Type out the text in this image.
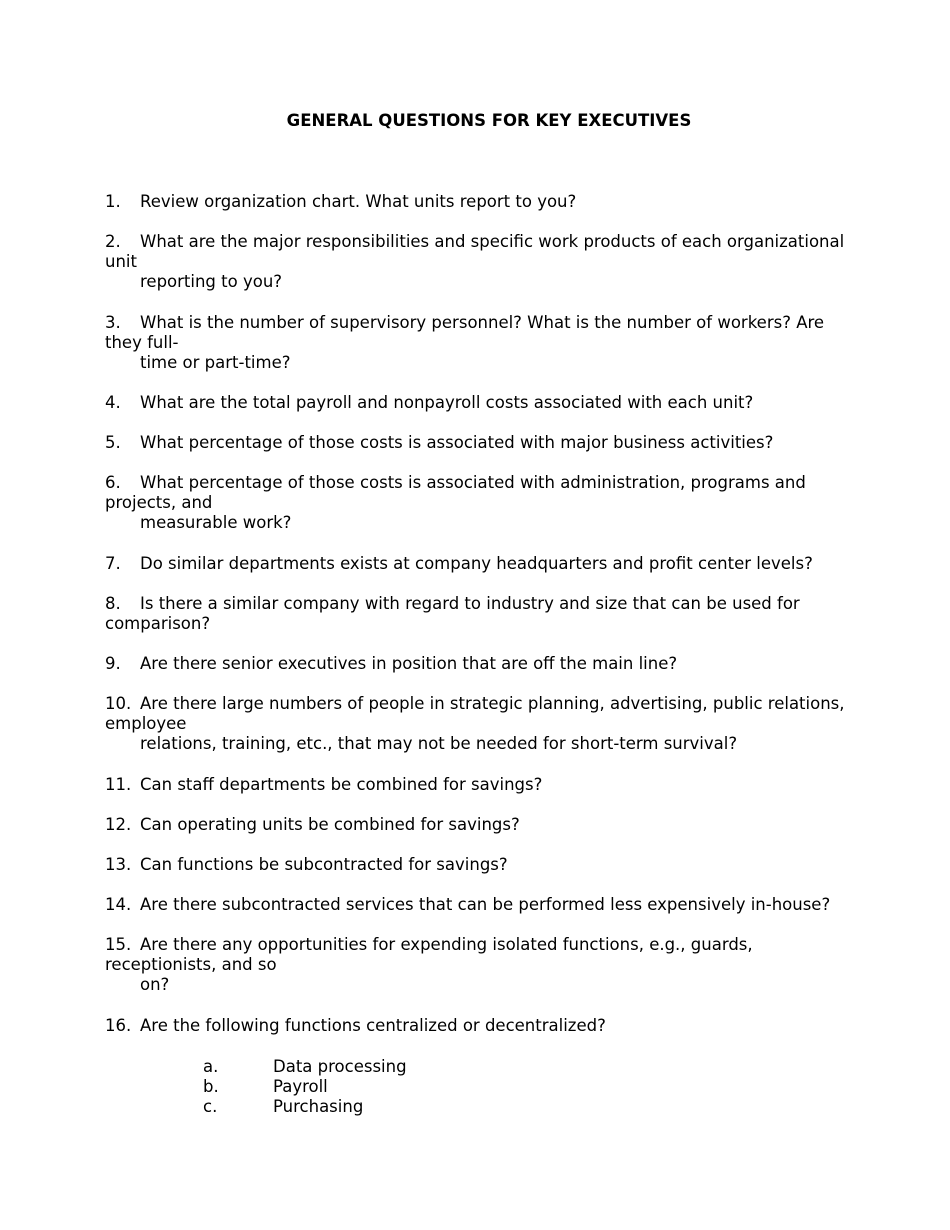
GENERAL QUESTIONS FOR KEY EXECUTIVES
1. Review organization chart. What units report to you?
2. What are the major responsibilities and specific work products of each organizational
unit
reporting to you?
3. What is the number of supervisory personnel? What is the number of workers? Are
they full-
time or part-time?
4. What are the total payroll and nonpayroll costs associated with each unit?
5. What percentage of those costs is associated with major business activities?
6. What percentage of those costs is associated with administration, programs and
projects, and
measurable work?
7. Do similar departments exists at company headquarters and profit center levels?
8. Is there a similar company with regard to industry and size that can be used for
comparison?
9. Are there senior executives in position that are off the main line?
10. Are there large numbers of people in strategic planning, advertising, public relations,
employee
relations, training, etc., that may not be needed for short-term survival?
11. Can staff departments be combined for savings?
12. Can operating units be combined for savings?
13. Can functions be subcontracted for savings?
14. Are there subcontracted services that can be performed less expensively in-house?
15. Are there any opportunities for expending isolated functions, e.g., guards,
receptionists, and so
on?
16. Are the following functions centralized or decentralized?
a.	Data processing
b.	Payroll
c.	Purchasing
